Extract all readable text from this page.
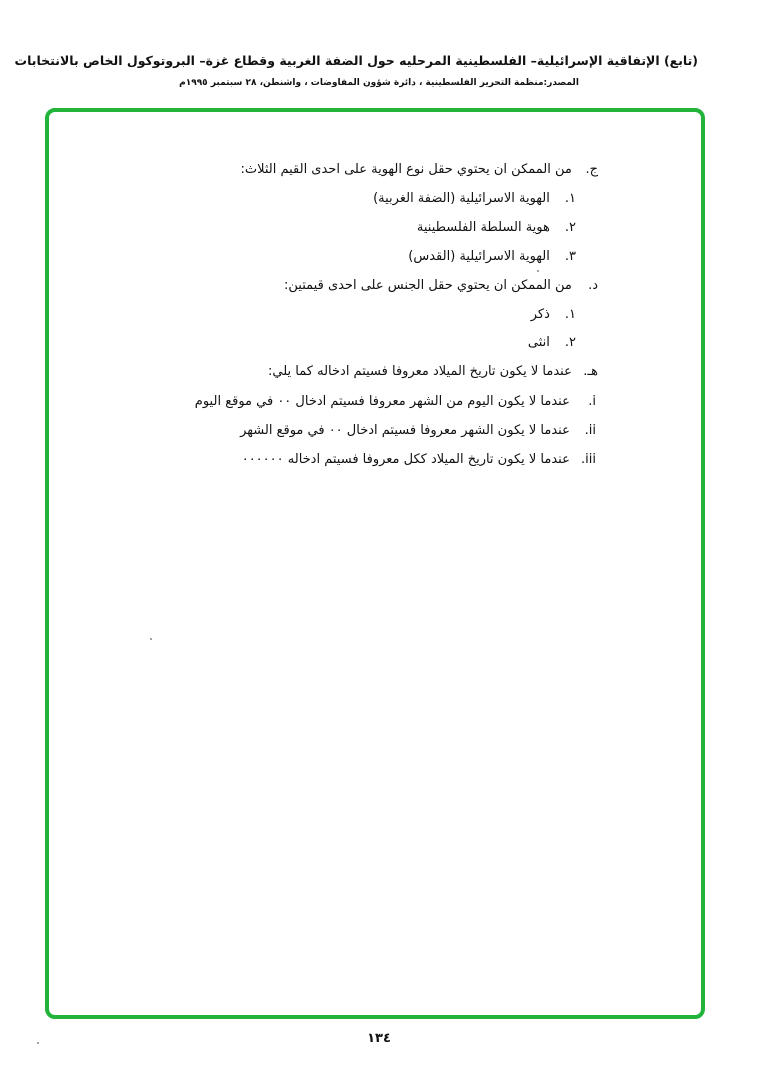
(تابع) الإتفاقية الإسرائيلية– الفلسطينية المرحليه حول الضفة الغربية وقطاع غزة– البروتوكول الخاص بالانتخابات
المصدر:منظمة التحرير الفلسطينية ، دائرة شؤون المفاوضات ، واشنطن، ٢٨ سبتمبر ١٩٩٥م
ج. من الممكن ان يحتوي حقل نوع الهوية على احدى القيم الثلاث:
١. الهوية الاسرائيلية (الضفة الغربية)
٢. هوية السلطة الفلسطينية
٣. الهوية الاسرائيلية (القدس)
د. من الممكن ان يحتوي حقل الجنس على احدى قيمتين:
١. ذكر
٢. انثى
هـ. عندما لا يكون تاريخ الميلاد معروفا فسيتم ادخاله كما يلي:
i. عندما لا يكون اليوم من الشهر معروفا فسيتم ادخال ٠٠ في موقع اليوم
ii. عندما لا يكون الشهر معروفا فسيتم ادخال ٠٠ في موقع الشهر
iii. عندما لا يكون تاريخ الميلاد ككل معروفا فسيتم ادخاله ٠٠٠٠٠٠
١٣٤
